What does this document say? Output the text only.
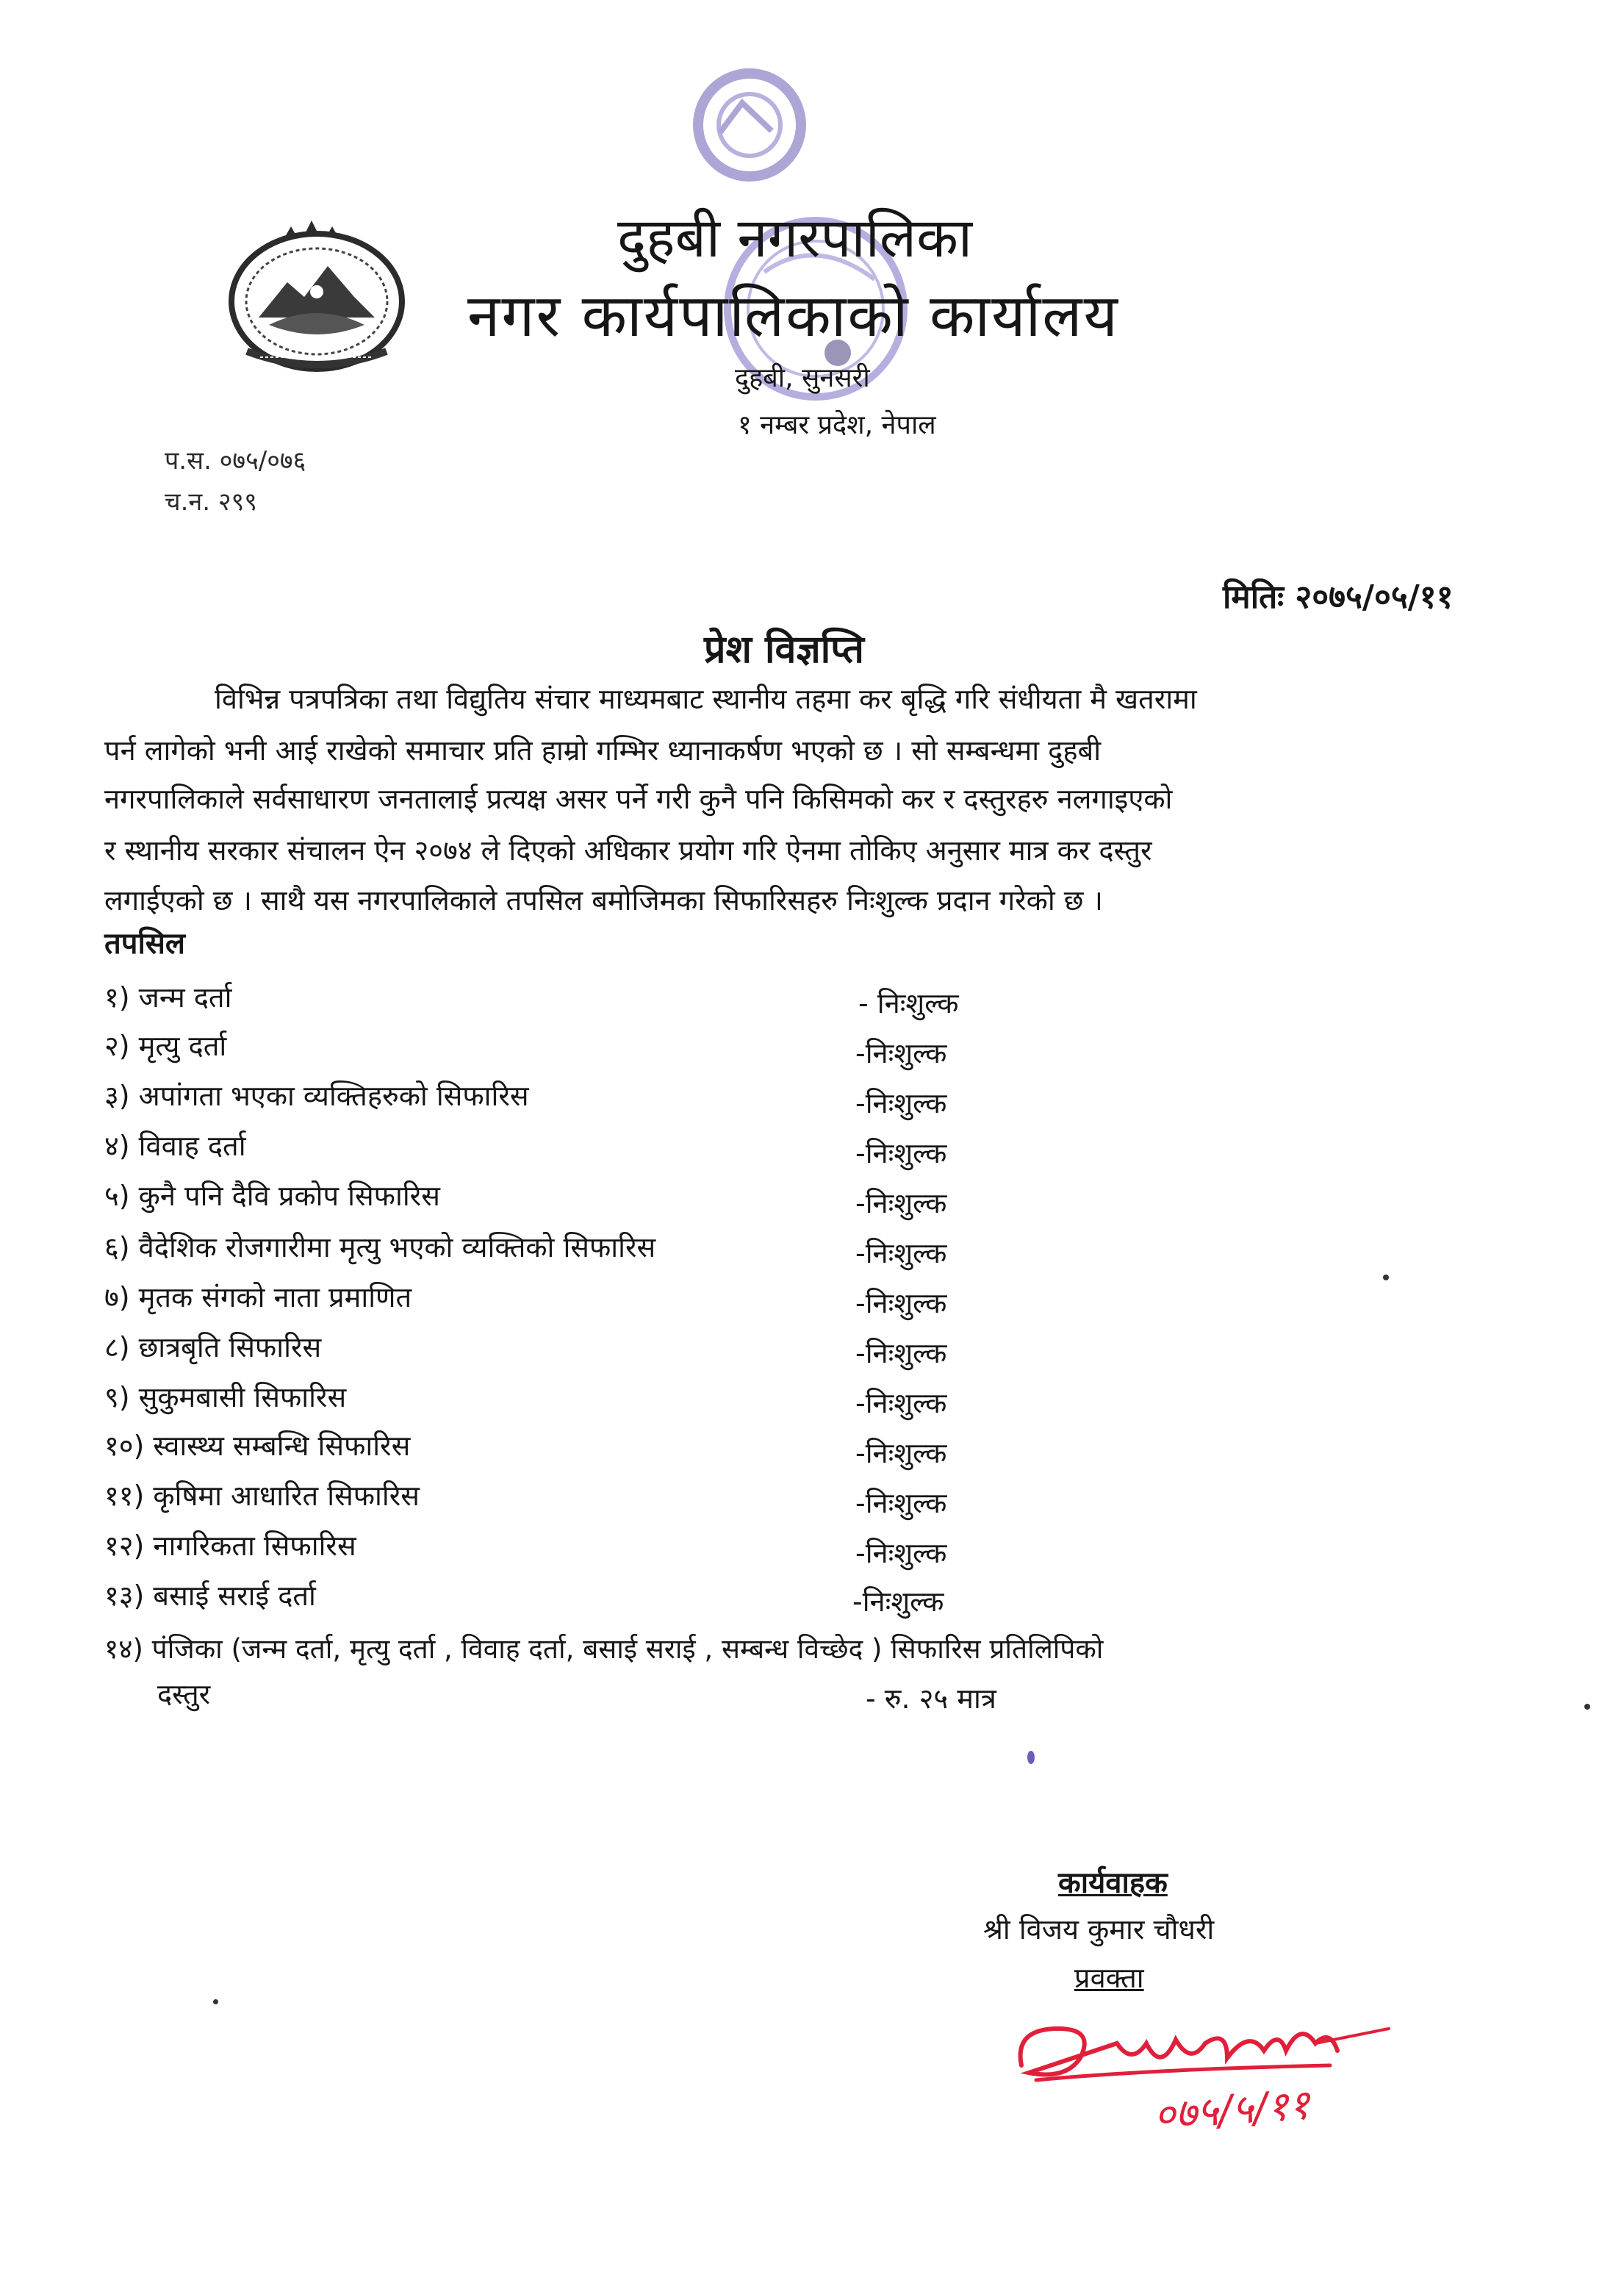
दुहबी नगरपालिका
नगर कार्यपालिकाको कार्यालय
दुहबी, सुनसरी
१ नम्बर प्रदेश, नेपाल
प.स. ०७५/०७६
च.न. २९९
मितिः २०७५/०५/११
प्रेश विज्ञप्ति
विभिन्न पत्रपत्रिका तथा विद्युतिय संचार माध्यमबाट स्थानीय तहमा कर बृद्धि गरि संधीयता मै खतरामा
पर्न लागेको भनी आई राखेको समाचार प्रति हाम्रो गम्भिर ध्यानाकर्षण भएको छ । सो सम्बन्धमा दुहबी
नगरपालिकाले सर्वसाधारण जनतालाई प्रत्यक्ष असर पर्ने गरी कुनै पनि किसिमको कर र दस्तुरहरु नलगाइएको
र स्थानीय सरकार संचालन ऐन २०७४ ले दिएको अधिकार प्रयोग गरि ऐनमा तोकिए अनुसार मात्र कर दस्तुर
लगाईएको छ । साथै यस नगरपालिकाले तपसिल बमोजिमका सिफारिसहरु निःशुल्क प्रदान गरेको छ ।
तपसिल
१) जन्म दर्ता	- निःशुल्क
२) मृत्यु दर्ता	-निःशुल्क
३) अपांगता भएका व्यक्तिहरुको सिफारिस	-निःशुल्क
४) विवाह दर्ता	-निःशुल्क
५) कुनै पनि दैवि प्रकोप सिफारिस	-निःशुल्क
६) वैदेशिक रोजगारीमा मृत्यु भएको व्यक्तिको सिफारिस	-निःशुल्क
७) मृतक संगको नाता प्रमाणित	-निःशुल्क
८) छात्रबृति सिफारिस	-निःशुल्क
९) सुकुमबासी सिफारिस	-निःशुल्क
१०) स्वास्थ्य सम्बन्धि सिफारिस	-निःशुल्क
११) कृषिमा आधारित सिफारिस	-निःशुल्क
१२) नागरिकता सिफारिस	-निःशुल्क
१३) बसाई सराई दर्ता	-निःशुल्क
१४) पंजिका (जन्म दर्ता, मृत्यु दर्ता , विवाह दर्ता, बसाई सराई , सम्बन्ध विच्छेद ) सिफारिस प्रतिलिपिको
दस्तुर	- रु. २५ मात्र
कार्यवाहक
श्री विजय कुमार चौधरी
प्रवक्ता
०७५/५/११
